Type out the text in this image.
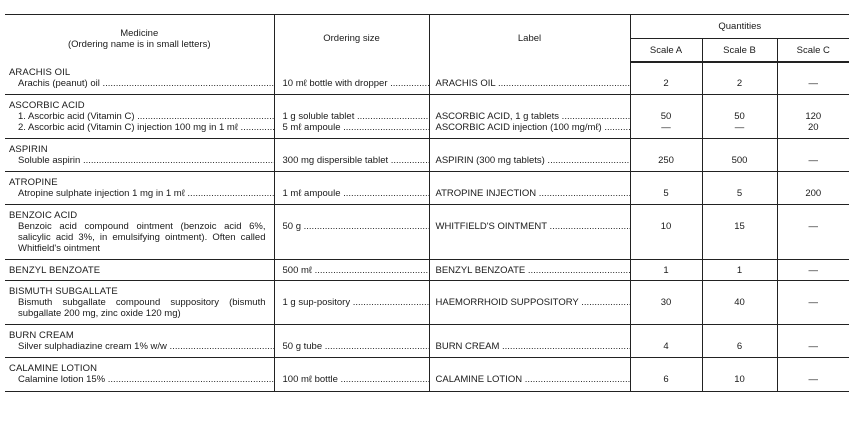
Medicine
(Ordering name is in small letters)	Ordering size	Label	Quantities		
			Scale A	Scale B	Scale C
ARACHIS OIL					
Arachis (peanut) oil .....	10 mℓ bottle with dropper .....	ARACHIS OIL .....	2	2	—
ASCORBIC ACID					
1. Ascorbic acid (Vitamin C) .....	1 g soluble tablet .....	ASCORBIC ACID, 1 g tablets .....	50	50	120
2. Ascorbic acid (Vitamin C) injection 100 mg in 1 mℓ .....	5 mℓ ampoule .....	ASCORBIC ACID injection (100 mg/mℓ) .....	—	—	20
ASPIRIN					
Soluble aspirin .....	300 mg dispersible tablet .....	ASPIRIN (300 mg tablets) .....	250	500	—
ATROPINE					
Atropine sulphate injection 1 mg in 1 mℓ .....	1 mℓ ampoule .....	ATROPINE INJECTION .....	5	5	200
BENZOIC ACID					
Benzoic acid compound ointment (benzoic acid 6%, salicylic acid 3%, in emulsifying ointment). Often called Whitfield's ointment	50 g .....	WHITFIELD'S OINTMENT .....	10	15	—
BENZYL BENZOATE	500 mℓ .....	BENZYL BENZOATE .....	1	1	—
BISMUTH SUBGALLATE					
Bismuth subgallate compound suppository (bismuth subgallate 200 mg, zinc oxide 120 mg)	1 g sup-pository .....	HAEMORRHOID SUPPOSITORY .....	30	40	—
BURN CREAM					
Silver sulphadiazine cream 1% w/w .....	50 g tube .....	BURN CREAM .....	4	6	—
CALAMINE LOTION					
Calamine lotion 15% .....	100 mℓ bottle .....	CALAMINE LOTION .....	6	10	—
